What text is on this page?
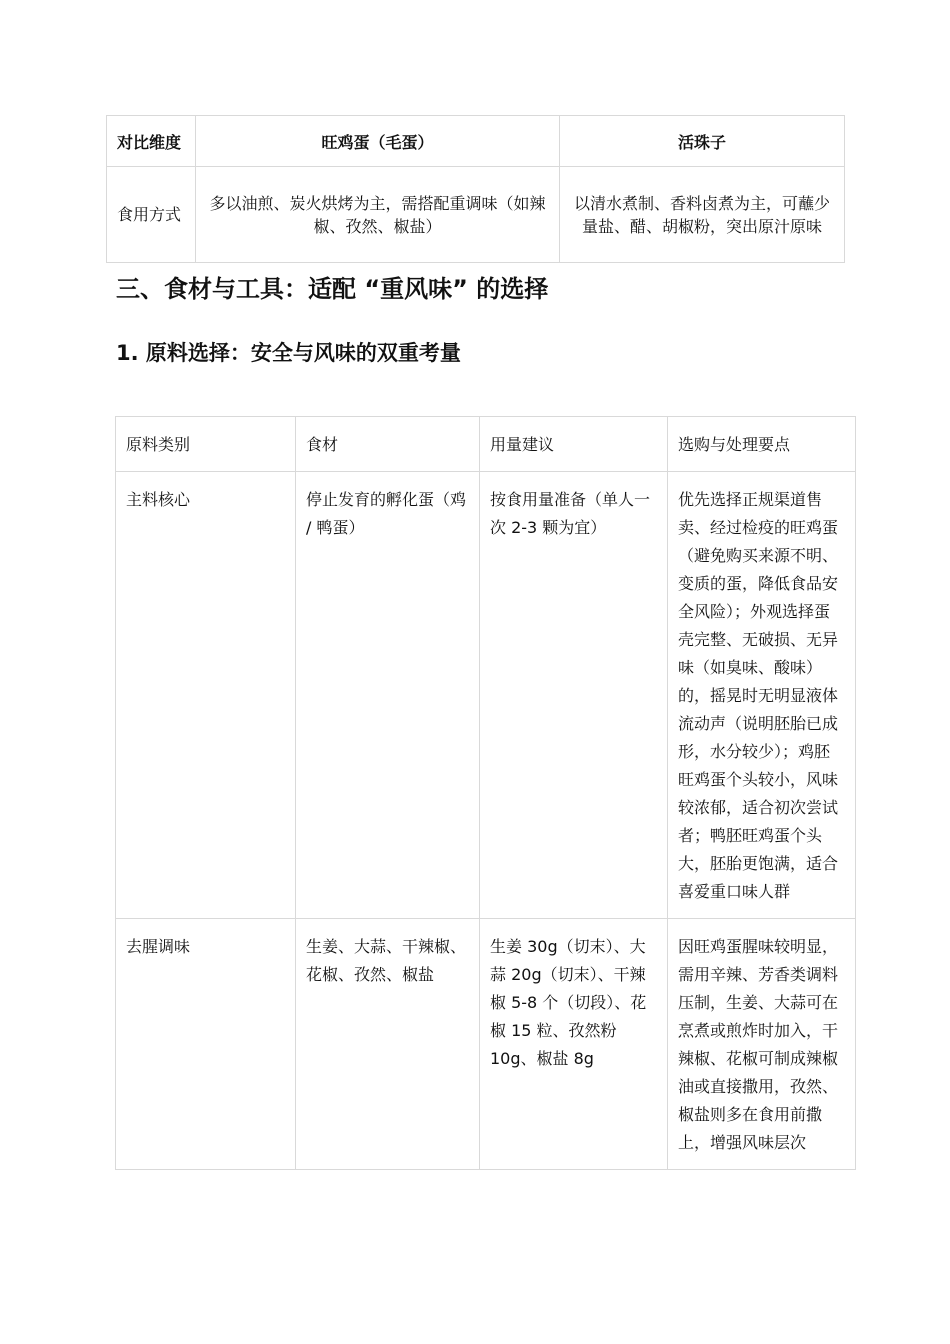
对比维度	旺鸡蛋（毛蛋）	活珠子
食用方式	多以油煎、炭火烘烤为主，需搭配重调味（如辣椒、孜然、椒盐）	以清水煮制、香料卤煮为主，可蘸少量盐、醋、胡椒粉，突出原汁原味
三、食材与工具：适配 “重风味” 的选择
1. 原料选择：安全与风味的双重考量
原料类别	食材	用量建议	选购与处理要点
主料核心	停止发育的孵化蛋（鸡 / 鸭蛋）	按食用量准备（单人一次 2-3 颗为宜）	优先选择正规渠道售卖、经过检疫的旺鸡蛋（避免购买来源不明、变质的蛋，降低食品安全风险）；外观选择蛋壳完整、无破损、无异味（如臭味、酸味）的，摇晃时无明显液体流动声（说明胚胎已成形，水分较少）；鸡胚旺鸡蛋个头较小，风味较浓郁，适合初次尝试者；鸭胚旺鸡蛋个头大，胚胎更饱满，适合喜爱重口味人群
去腥调味	生姜、大蒜、干辣椒、花椒、孜然、椒盐	生姜 30g（切末）、大蒜 20g（切末）、干辣椒 5-8 个（切段）、花椒 15 粒、孜然粉 10g、椒盐 8g	因旺鸡蛋腥味较明显，需用辛辣、芳香类调料压制，生姜、大蒜可在烹煮或煎炸时加入，干辣椒、花椒可制成辣椒油或直接撒用，孜然、椒盐则多在食用前撒上，增强风味层次
